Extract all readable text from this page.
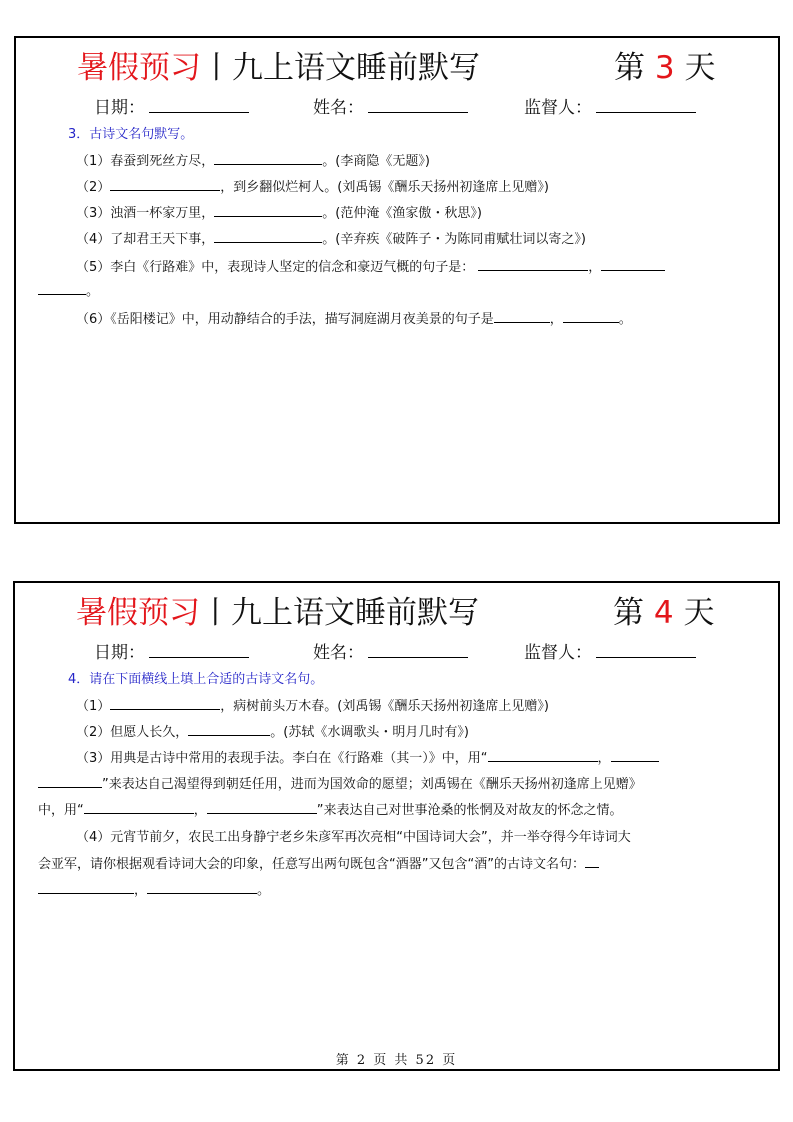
暑假预习丨九上语文睡前默写	第 3 天
日期：	姓名：	监督人：
3．古诗文名句默写。
（1）春蚕到死丝方尽，	。(李商隐《无题》)
（2）	，到乡翻似烂柯人。(刘禹锡《酬乐天扬州初逢席上见赠》)
（3）浊酒一杯家万里，	。(范仲淹《渔家傲・秋思》)
（4）了却君王天下事，	。(辛弃疾《破阵子・为陈同甫赋壮词以寄之》)
（5）李白《行路难》中，表现诗人坚定的信念和豪迈气概的句子是：	，
。
（6）《岳阳楼记》中，用动静结合的手法，描写洞庭湖月夜美景的句子是	，	。
暑假预习丨九上语文睡前默写	第 4 天
日期：	姓名：	监督人：
4．请在下面横线上填上合适的古诗文名句。
（1）	，病树前头万木春。(刘禹锡《酬乐天扬州初逢席上见赠》)
（2）但愿人长久，	。(苏轼《水调歌头・明月几时有》)
（3）用典是古诗中常用的表现手法。李白在《行路难（其一）》中，用“	，
”来表达自己渴望得到朝廷任用，进而为国效命的愿望；刘禹锡在《酬乐天扬州初逢席上见赠》
中，用“	，	”来表达自己对世事沧桑的怅惘及对故友的怀念之情。
（4）元宵节前夕，农民工出身静宁老乡朱彦军再次亮相“中国诗词大会”，并一举夺得今年诗词大
会亚军，请你根据观看诗词大会的印象，任意写出两句既包含“酒器”又包含“酒”的古诗文名句：
，	。
第 2 页 共 52 页
